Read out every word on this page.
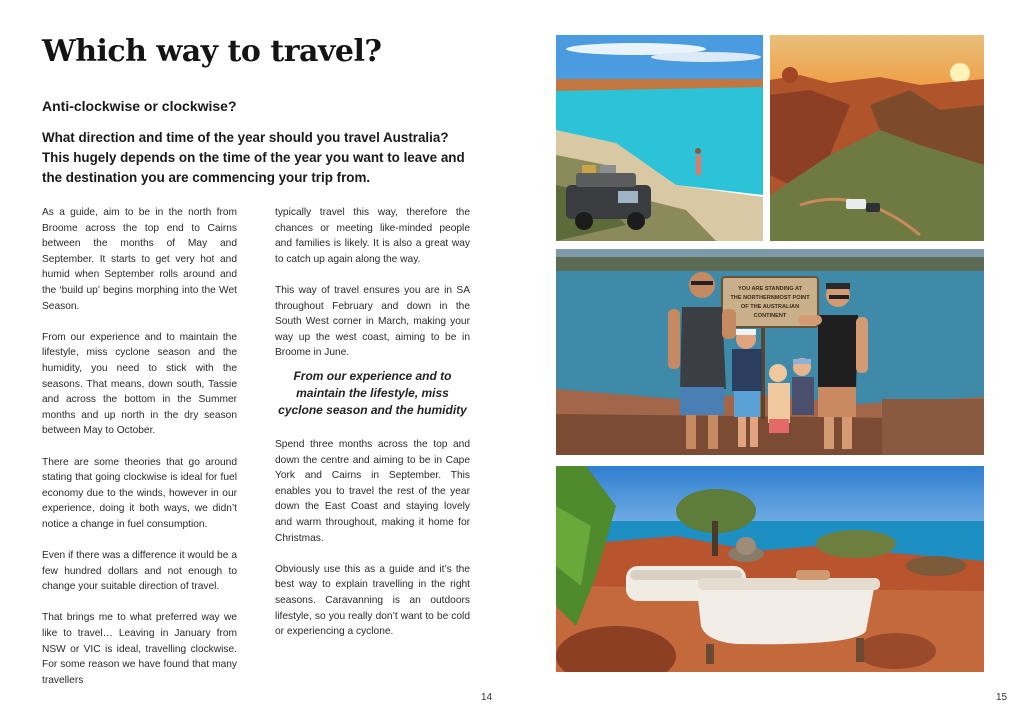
Which way to travel?
Anti-clockwise or clockwise?

What direction and time of the year should you travel Australia? This hugely depends on the time of the year you want to leave and the destination you are commencing your trip from.

As a guide, aim to be in the north from Broome across the top end to Cairns between the months of May and September. It starts to get very hot and humid when September rolls around and the ‘build up’ begins morphing into the Wet Season.

From our experience and to maintain the lifestyle, miss cyclone season and the humidity, you need to stick with the seasons. That means, down south, Tassie and across the bottom in the Summer months and up north in the dry season between May to October.

There are some theories that go around stating that going clockwise is ideal for fuel economy due to the winds, however in our experience, doing it both ways, we didn’t notice a change in fuel consumption.

Even if there was a difference it would be a few hundred dollars and not enough to change your suitable direction of travel.

That brings me to what preferred way we like to travel… Leaving in January from NSW or VIC is ideal, travelling clockwise. For some reason we have found that many travellers

typically travel this way, therefore the chances or meeting like-minded people and families is likely. It is also a great way to catch up again along the way.

This way of travel ensures you are in SA throughout February and down in the South West corner in March, making your way up the west coast, aiming to be in Broome in June.

From our experience and to maintain the lifestyle, miss cyclone season and the humidity

Spend three months across the top and down the centre and aiming to be in Cape York and Cairns in September. This enables you to travel the rest of the year down the East Coast and staying lovely and warm throughout, making it home for Christmas.

Obviously use this as a guide and it’s the best way to explain travelling in the right seasons. Caravanning is an outdoors lifestyle, so you really don’t want to be cold or experiencing a cyclone.

14	15
YOU ARE STANDING AT
THE NORTHERNMOST POINT
OF THE AUSTRALIAN
CONTINENT
